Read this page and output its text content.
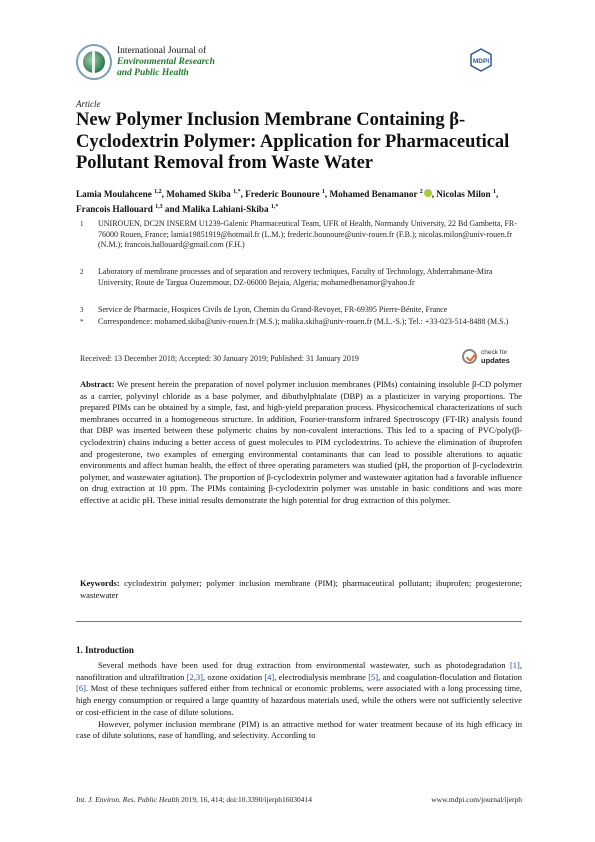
International Journal of
Environmental Research
and Public Health
MDPI
Article
New Polymer Inclusion Membrane Containing β-Cyclodextrin Polymer: Application for Pharmaceutical Pollutant Removal from Waste Water
Lamia Moulahcene $^{1,2}$, Mohamed Skiba $^{1,*}$, Frederic Bounoure $^1$, Mohamed Benamanor $^2$ , Nicolas Milon $^1$, Francois Hallouard $^{1,3}$ and Malika Lahiani-Skiba $^{1,*}$
1 UNIROUEN, DC2N INSERM U1239-Galenic Pharmaceutical Team, UFR of Health, Normandy University, 22 Bd Gambetta, FR-76000 Rouen, France; lamia19851919@hotmail.fr (L.M.); frederic.bounoure@univ-rouen.fr (F.B.); nicolas.milon@univ-rouen.fr (N.M.); francois.hallouard@gmail.com (F.H.)
2 Laboratory of membrane processes and of separation and recovery techniques, Faculty of Technology, Abderrahmane-Mira University, Route de Targua Ouzemmour, DZ-06000 Bejaia, Algeria; mohamedbenamor@yahoo.fr
3 Service de Pharmacie, Hospices Civils de Lyon, Chemin du Grand-Revoyet, FR-69395 Pierre-Bénite, France
* Correspondence: mohamed.skiba@univ-rouen.fr (M.S.); malika.skiba@univ-rouen.fr (M.L.-S.); Tel.: +33-023-514-8488 (M.S.)
Received: 13 December 2018; Accepted: 30 January 2019; Published: 31 January 2019
check for
updates
Abstract: We present herein the preparation of novel polymer inclusion membranes (PIMs) containing insoluble β-CD polymer as a carrier, polyvinyl chloride as a base polymer, and dibuthylphtalate (DBP) as a plasticizer in varying proportions. The prepared PIMs can be obtained by a simple, fast, and high-yield preparation process. Physicochemical characterizations of such membranes occurred in a homogeneous structure. In addition, Fourier-transform infrared Spectroscopy (FT-IR) analysis found that DBP was inserted between these polymeric chains by non-covalent interactions. This led to a spacing of PVC/poly(β-cyclodextrin) chains inducing a better access of guest molecules to PIM cyclodextrins. To achieve the elimination of ibuprofen and progesterone, two examples of emerging environmental contaminants that can lead to possible alterations to aquatic environments and affect human health, the effect of three operating parameters was studied (pH, the proportion of β-cyclodextrin polymer, and wastewater agitation). The proportion of β-cyclodextrin polymer and wastewater agitation had a favorable influence on drug extraction at 10 ppm. The PIMs containing β-cyclodextrin polymer was unstable in basic conditions and was more effective at acidic pH. These initial results demonstrate the high potential for drug extraction of this polymer.
Keywords: cyclodextrin polymer; polymer inclusion membrane (PIM); pharmaceutical pollutant; ibuprofen; progesterone; wastewater
1. Introduction

Several methods have been used for drug extraction from environmental wastewater, such as photodegradation [1], nanofiltration and ultrafiltration [2,3], ozone oxidation [4], electrodialysis membrane [5], and coagulation-floculation and flotation [6]. Most of these techniques suffered either from technical or economic problems, were associated with a long processing time, high energy consumption or required a large quantity of hazardous materials used, while the others were not sufficiently selective or cost-efficient in the case of dilute solutions.

However, polymer inclusion membrane (PIM) is an attractive method for water treatment because of its high efficacy in case of dilute solutions, ease of handling, and selectivity. According to

Int. J. Environ. Res. Public Health 2019, 16, 414; doi:10.3390/ijerph16030414	www.mdpi.com/journal/ijerph
